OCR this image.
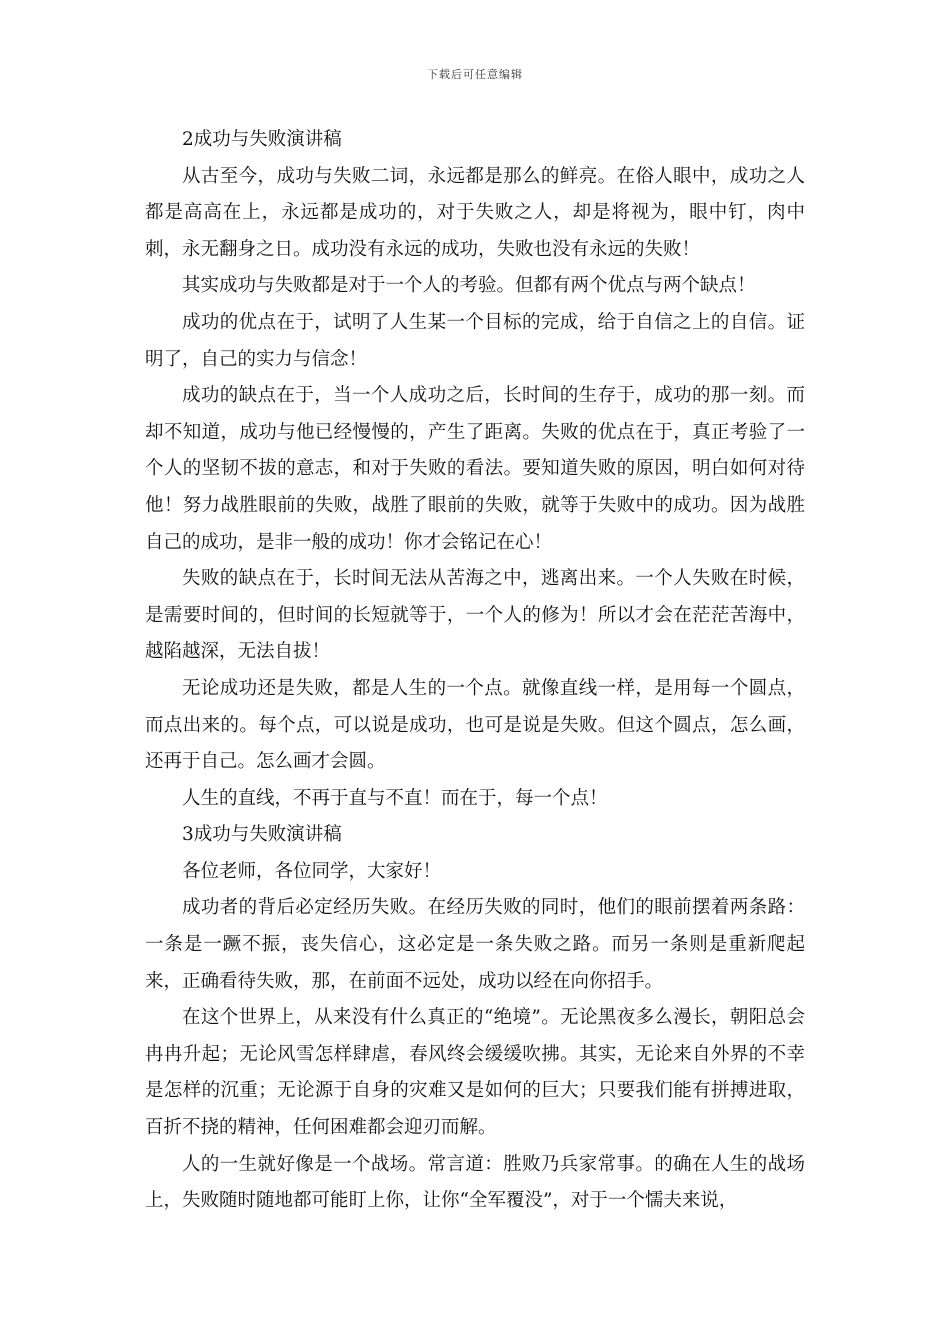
下载后可任意编辑

2成功与失败演讲稿

从古至今，成功与失败二词，永远都是那么的鲜亮。在俗人眼中，成功之人都是高高在上，永远都是成功的，对于失败之人，却是将视为，眼中钉，肉中刺，永无翻身之日。成功没有永远的成功，失败也没有永远的失败！

其实成功与失败都是对于一个人的考验。但都有两个优点与两个缺点！

成功的优点在于，试明了人生某一个目标的完成，给于自信之上的自信。证明了，自己的实力与信念！

成功的缺点在于，当一个人成功之后，长时间的生存于，成功的那一刻。而却不知道，成功与他已经慢慢的，产生了距离。失败的优点在于，真正考验了一个人的坚韧不拔的意志，和对于失败的看法。要知道失败的原因，明白如何对待他！努力战胜眼前的失败，战胜了眼前的失败，就等于失败中的成功。因为战胜自己的成功，是非一般的成功！你才会铭记在心！

失败的缺点在于，长时间无法从苦海之中，逃离出来。一个人失败在时候，是需要时间的，但时间的长短就等于，一个人的修为！所以才会在茫茫苦海中，越陷越深，无法自拔！

无论成功还是失败，都是人生的一个点。就像直线一样，是用每一个圆点，而点出来的。每个点，可以说是成功，也可是说是失败。但这个圆点，怎么画，还再于自己。怎么画才会圆。

人生的直线，不再于直与不直！而在于，每一个点！

3成功与失败演讲稿

各位老师，各位同学，大家好！

成功者的背后必定经历失败。在经历失败的同时，他们的眼前摆着两条路：一条是一蹶不振，丧失信心，这必定是一条失败之路。而另一条则是重新爬起来，正确看待失败，那，在前面不远处，成功以经在向你招手。

在这个世界上，从来没有什么真正的“绝境”。无论黑夜多么漫长，朝阳总会冉冉升起；无论风雪怎样肆虐，春风终会缓缓吹拂。其实，无论来自外界的不幸是怎样的沉重；无论源于自身的灾难又是如何的巨大；只要我们能有拼搏进取，百折不挠的精神，任何困难都会迎刃而解。

人的一生就好像是一个战场。常言道：胜败乃兵家常事。的确在人生的战场上，失败随时随地都可能盯上你，让你“全军覆没”，对于一个懦夫来说，
